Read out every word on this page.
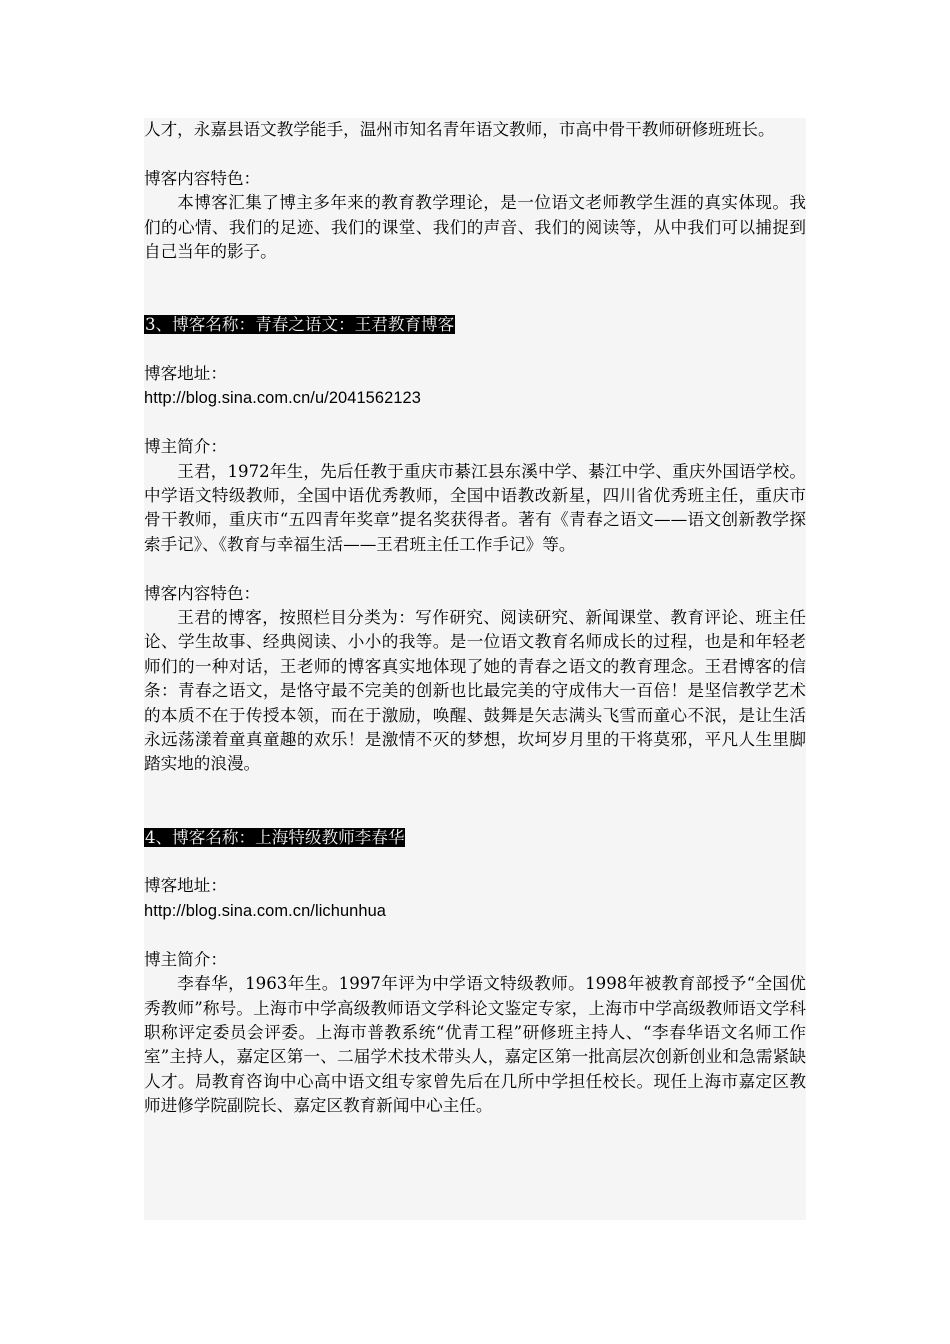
人才，永嘉县语文教学能手，温州市知名青年语文教师，市高中骨干教师研修班班长。

博客内容特色：

本博客汇集了博主多年来的教育教学理论，是一位语文老师教学生涯的真实体现。我们的心情、我们的足迹、我们的课堂、我们的声音、我们的阅读等，从中我们可以捕捉到自己当年的影子。

3、博客名称：青春之语文：王君教育博客

博客地址：

http://blog.sina.com.cn/u/2041562123

博主简介：

王君，1972年生，先后任教于重庆市綦江县东溪中学、綦江中学、重庆外国语学校。中学语文特级教师，全国中语优秀教师，全国中语教改新星，四川省优秀班主任，重庆市骨干教师，重庆市“五四青年奖章”提名奖获得者。著有《青春之语文——语文创新教学探索手记》、《教育与幸福生活——王君班主任工作手记》等。

博客内容特色：

王君的博客，按照栏目分类为：写作研究、阅读研究、新闻课堂、教育评论、班主任论、学生故事、经典阅读、小小的我等。是一位语文教育名师成长的过程，也是和年轻老师们的一种对话，王老师的博客真实地体现了她的青春之语文的教育理念。王君博客的信条：青春之语文，是恪守最不完美的创新也比最完美的守成伟大一百倍！是坚信教学艺术的本质不在于传授本领，而在于激励，唤醒、鼓舞是矢志满头飞雪而童心不泯，是让生活永远荡漾着童真童趣的欢乐！是激情不灭的梦想，坎坷岁月里的干将莫邪，平凡人生里脚踏实地的浪漫。

4、博客名称：上海特级教师李春华

博客地址：

http://blog.sina.com.cn/lichunhua

博主简介：

李春华，1963年生。1997年评为中学语文特级教师。1998年被教育部授予“全国优秀教师”称号。上海市中学高级教师语文学科论文鉴定专家，上海市中学高级教师语文学科职称评定委员会评委。上海市普教系统“优青工程”研修班主持人、“李春华语文名师工作室”主持人，嘉定区第一、二届学术技术带头人，嘉定区第一批高层次创新创业和急需紧缺人才。局教育咨询中心高中语文组专家曾先后在几所中学担任校长。现任上海市嘉定区教师进修学院副院长、嘉定区教育新闻中心主任。
